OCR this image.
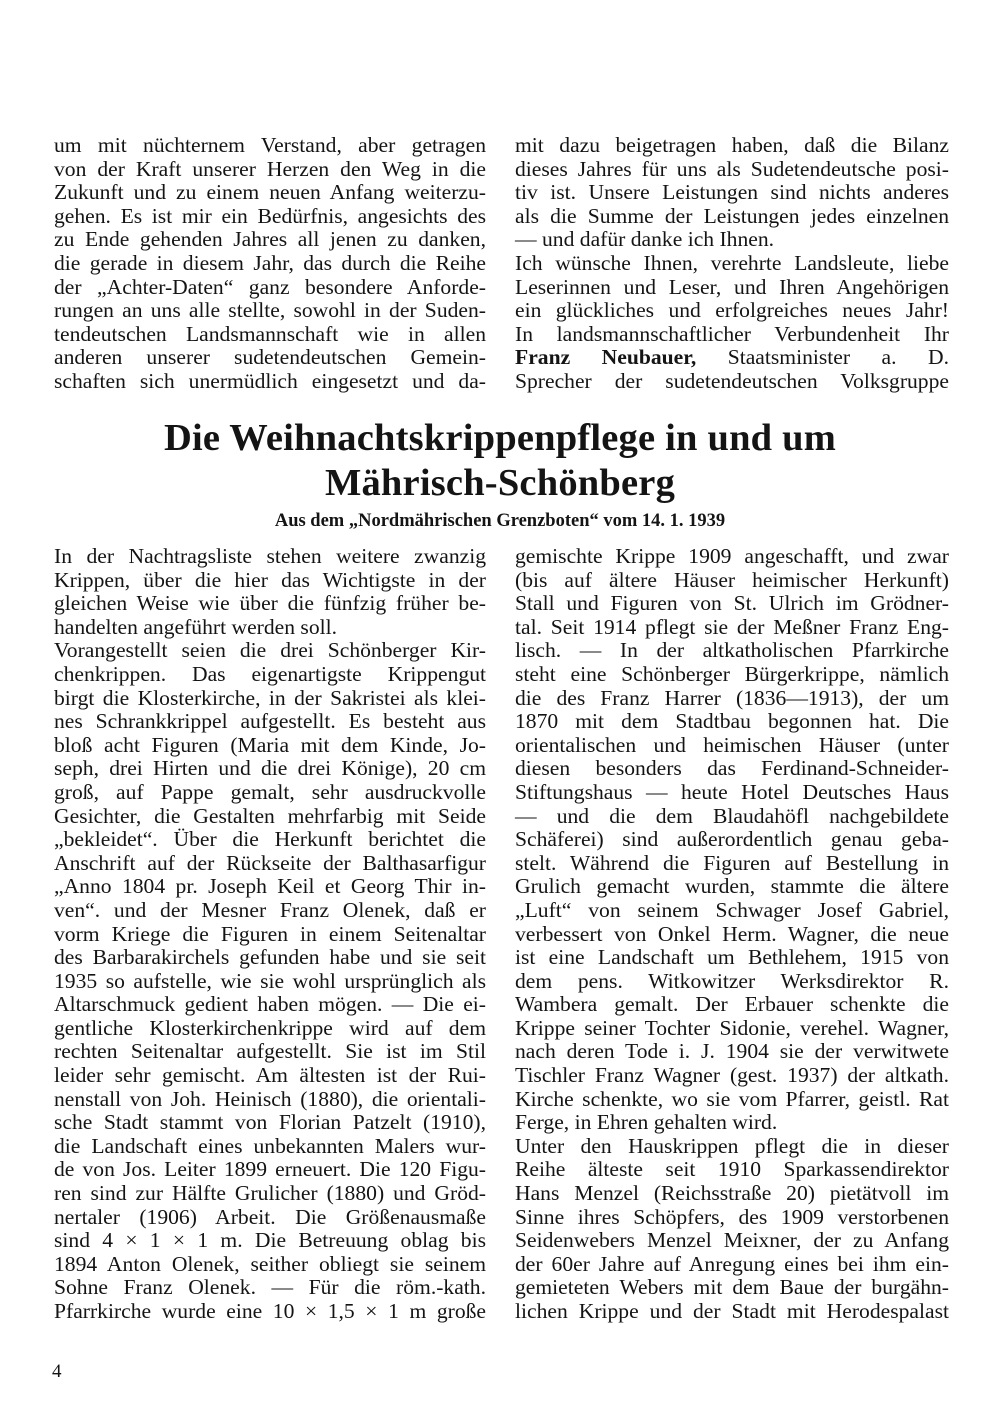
um mit nüchternem Verstand, aber getragen
von der Kraft unserer Herzen den Weg in die
Zukunft und zu einem neuen Anfang weiterzu-
gehen. Es ist mir ein Bedürfnis, angesichts des
zu Ende gehenden Jahres all jenen zu danken,
die gerade in diesem Jahr, das durch die Reihe
der „Achter-Daten“ ganz besondere Anforde-
rungen an uns alle stellte, sowohl in der Suden-
tendeutschen Landsmannschaft wie in allen
anderen unserer sudetendeutschen Gemein-
schaften sich unermüdlich eingesetzt und da-
mit dazu beigetragen haben, daß die Bilanz
dieses Jahres für uns als Sudetendeutsche posi-
tiv ist. Unsere Leistungen sind nichts anderes
als die Summe der Leistungen jedes einzelnen
— und dafür danke ich Ihnen.
Ich wünsche Ihnen, verehrte Landsleute, liebe
Leserinnen und Leser, und Ihren Angehörigen
ein glückliches und erfolgreiches neues Jahr!
In landsmannschaftlicher Verbundenheit Ihr
Franz Neubauer, Staatsminister a. D.
Sprecher der sudetendeutschen Volksgruppe
Die Weihnachtskrippenpflege in und um
Mährisch-Schönberg
Aus dem „Nordmährischen Grenzboten“ vom 14. 1. 1939
In der Nachtragsliste stehen weitere zwanzig
Krippen, über die hier das Wichtigste in der
gleichen Weise wie über die fünfzig früher be-
handelten angeführt werden soll.
Vorangestellt seien die drei Schönberger Kir-
chenkrippen. Das eigenartigste Krippengut
birgt die Klosterkirche, in der Sakristei als klei-
nes Schrankkrippel aufgestellt. Es besteht aus
bloß acht Figuren (Maria mit dem Kinde, Jo-
seph, drei Hirten und die drei Könige), 20 cm
groß, auf Pappe gemalt, sehr ausdruckvolle
Gesichter, die Gestalten mehrfarbig mit Seide
„bekleidet“. Über die Herkunft berichtet die
Anschrift auf der Rückseite der Balthasarfigur
„Anno 1804 pr. Joseph Keil et Georg Thir in-
ven“. und der Mesner Franz Olenek, daß er
vorm Kriege die Figuren in einem Seitenaltar
des Barbarakirchels gefunden habe und sie seit
1935 so aufstelle, wie sie wohl ursprünglich als
Altarschmuck gedient haben mögen. — Die ei-
gentliche Klosterkirchenkrippe wird auf dem
rechten Seitenaltar aufgestellt. Sie ist im Stil
leider sehr gemischt. Am ältesten ist der Rui-
nenstall von Joh. Heinisch (1880), die orientali-
sche Stadt stammt von Florian Patzelt (1910),
die Landschaft eines unbekannten Malers wur-
de von Jos. Leiter 1899 erneuert. Die 120 Figu-
ren sind zur Hälfte Grulicher (1880) und Gröd-
nertaler (1906) Arbeit. Die Größenausmaße
sind 4 × 1 × 1 m. Die Betreuung oblag bis
1894 Anton Olenek, seither obliegt sie seinem
Sohne Franz Olenek. — Für die röm.-kath.
Pfarrkirche wurde eine 10 × 1,5 × 1 m große
gemischte Krippe 1909 angeschafft, und zwar
(bis auf ältere Häuser heimischer Herkunft)
Stall und Figuren von St. Ulrich im Grödner-
tal. Seit 1914 pflegt sie der Meßner Franz Eng-
lisch. — In der altkatholischen Pfarrkirche
steht eine Schönberger Bürgerkrippe, nämlich
die des Franz Harrer (1836—1913), der um
1870 mit dem Stadtbau begonnen hat. Die
orientalischen und heimischen Häuser (unter
diesen besonders das Ferdinand-Schneider-
Stiftungshaus — heute Hotel Deutsches Haus
— und die dem Blaudahöfl nachgebildete
Schäferei) sind außerordentlich genau geba-
stelt. Während die Figuren auf Bestellung in
Grulich gemacht wurden, stammte die ältere
„Luft“ von seinem Schwager Josef Gabriel,
verbessert von Onkel Herm. Wagner, die neue
ist eine Landschaft um Bethlehem, 1915 von
dem pens. Witkowitzer Werksdirektor R.
Wambera gemalt. Der Erbauer schenkte die
Krippe seiner Tochter Sidonie, verehel. Wagner,
nach deren Tode i. J. 1904 sie der verwitwete
Tischler Franz Wagner (gest. 1937) der altkath.
Kirche schenkte, wo sie vom Pfarrer, geistl. Rat
Ferge, in Ehren gehalten wird.
Unter den Hauskrippen pflegt die in dieser
Reihe älteste seit 1910 Sparkassendirektor
Hans Menzel (Reichsstraße 20) pietätvoll im
Sinne ihres Schöpfers, des 1909 verstorbenen
Seidenwebers Menzel Meixner, der zu Anfang
der 60er Jahre auf Anregung eines bei ihm ein-
gemieteten Webers mit dem Baue der burgähn-
lichen Krippe und der Stadt mit Herodespalast
4
